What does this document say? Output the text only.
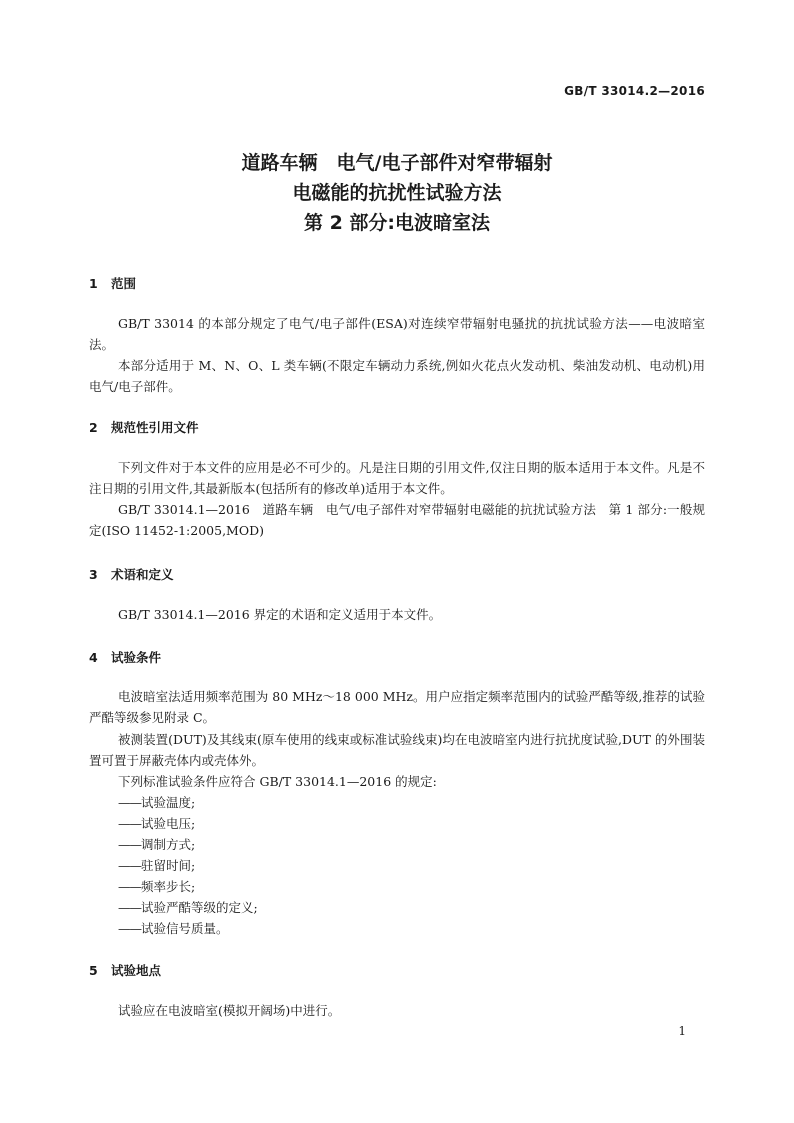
GB/T 33014.2—2016
道路车辆　电气/电子部件对窄带辐射
电磁能的抗扰性试验方法
第 2 部分:电波暗室法
1 范围
GB/T 33014 的本部分规定了电气/电子部件(ESA)对连续窄带辐射电骚扰的抗扰试验方法——电波暗室法。
本部分适用于 M、N、O、L 类车辆(不限定车辆动力系统,例如火花点火发动机、柴油发动机、电动机)用电气/电子部件。
2 规范性引用文件
下列文件对于本文件的应用是必不可少的。凡是注日期的引用文件,仅注日期的版本适用于本文件。凡是不注日期的引用文件,其最新版本(包括所有的修改单)适用于本文件。
GB/T 33014.1—2016　道路车辆　电气/电子部件对窄带辐射电磁能的抗扰试验方法　第 1 部分:一般规定(ISO 11452-1:2005,MOD)
3 术语和定义
GB/T 33014.1—2016 界定的术语和定义适用于本文件。
4 试验条件
电波暗室法适用频率范围为 80 MHz～18 000 MHz。用户应指定频率范围内的试验严酷等级,推荐的试验严酷等级参见附录 C。
被测装置(DUT)及其线束(原车使用的线束或标准试验线束)均在电波暗室内进行抗扰度试验,DUT 的外围装置可置于屏蔽壳体内或壳体外。
下列标准试验条件应符合 GB/T 33014.1—2016 的规定:
——试验温度;
——试验电压;
——调制方式;
——驻留时间;
——频率步长;
——试验严酷等级的定义;
——试验信号质量。
5 试验地点
试验应在电波暗室(模拟开阔场)中进行。
1
